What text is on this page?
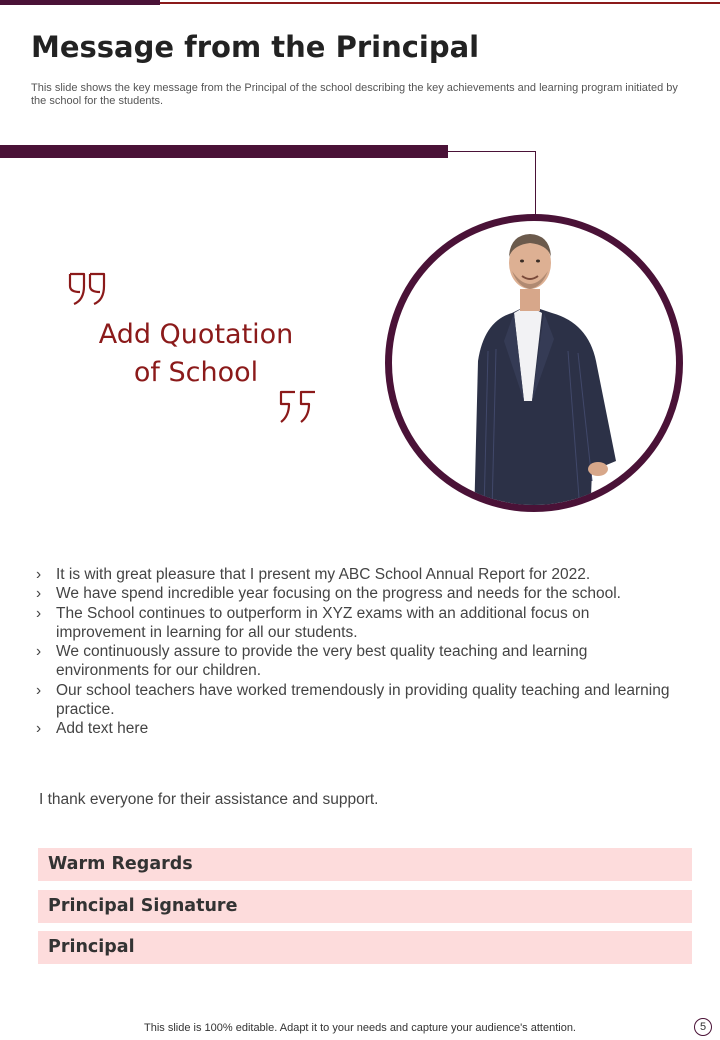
Message from the Principal
This slide shows the key message from the Principal of the school describing the key achievements and learning program initiated by the school for the students.
Add Quotation
of School
› It is with great pleasure that I present my ABC School Annual Report for 2022.
› We have spend incredible year focusing on the progress and needs for the school.
› The School continues to outperform in XYZ exams with an additional focus on improvement in learning for all our students.
› We continuously assure to provide the very best quality teaching and learning environments for our children.
› Our school teachers have worked tremendously in providing quality teaching and learning practice.
› Add text here
I thank everyone for their assistance and support.
Warm Regards
Principal Signature
Principal
This slide is 100% editable. Adapt it to your needs and capture your audience's attention.	5
